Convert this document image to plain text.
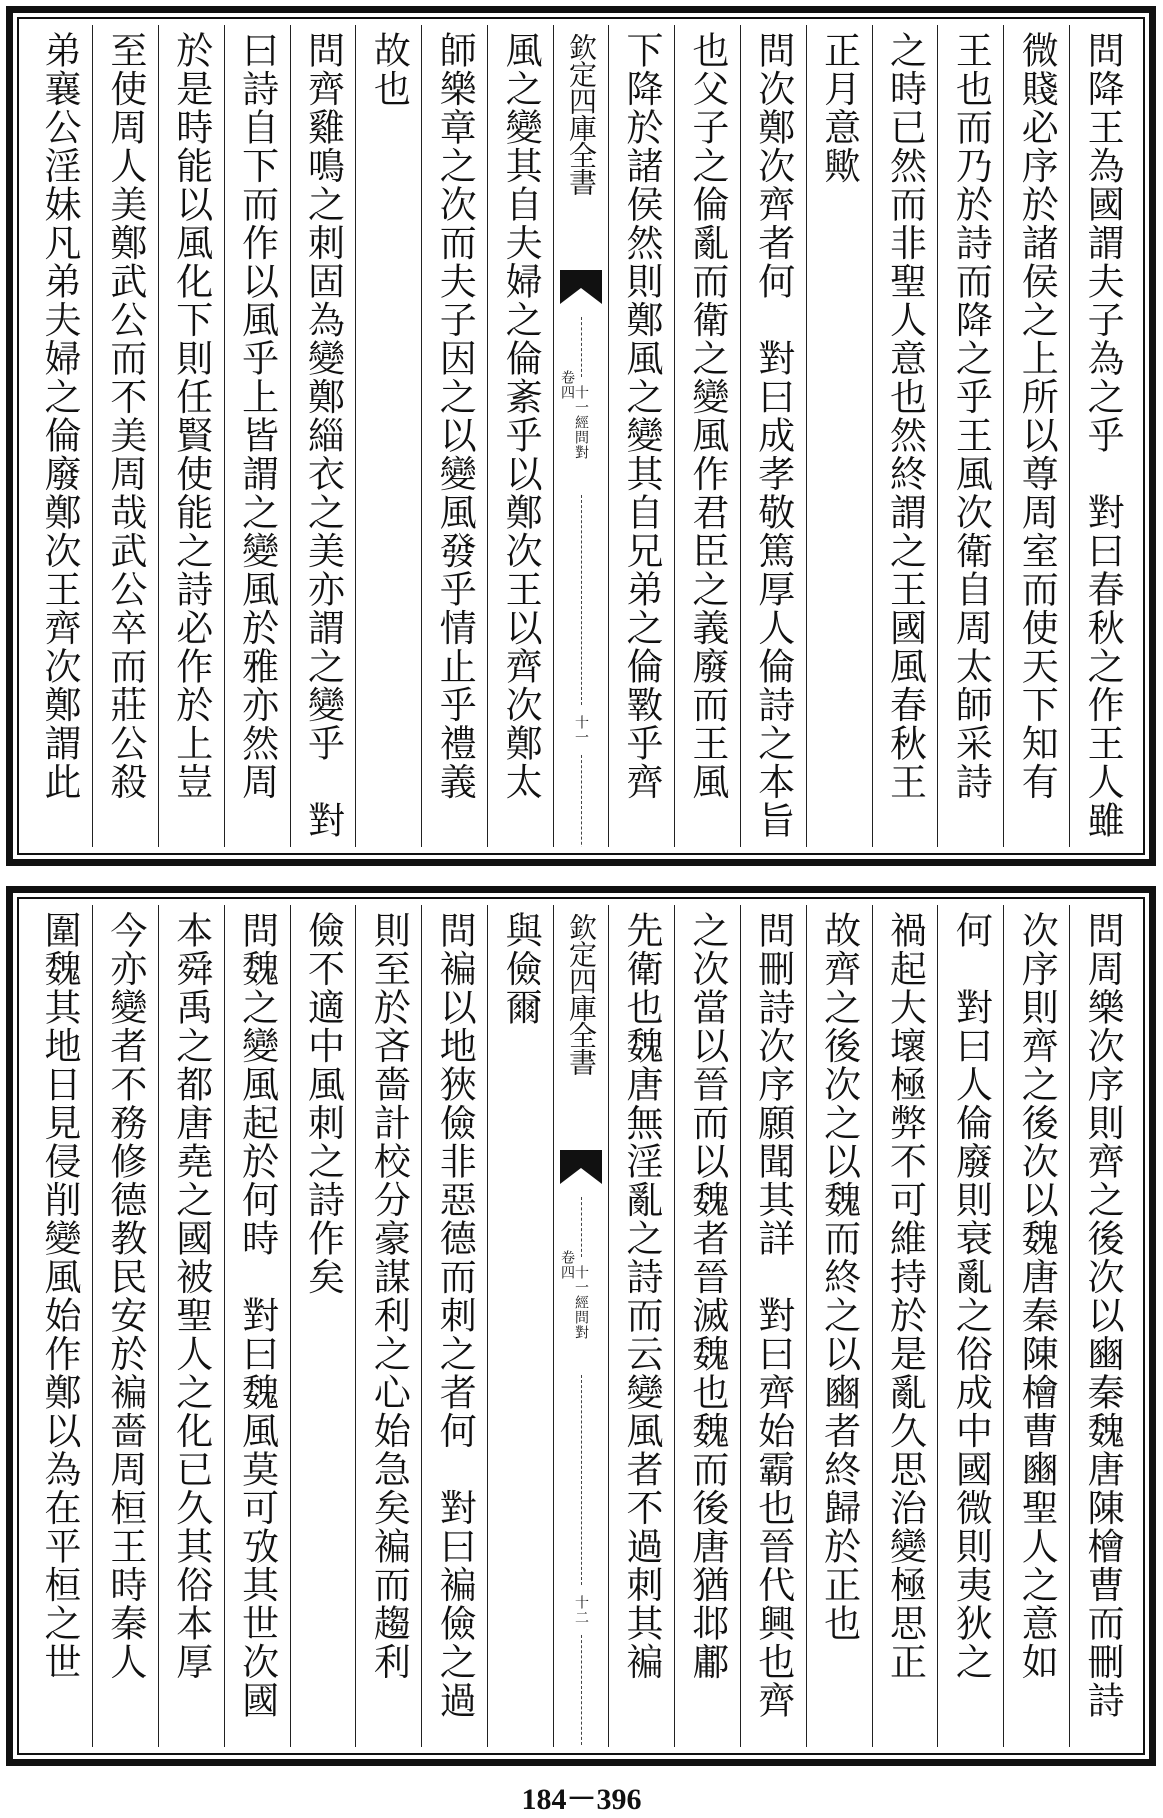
問降王為國謂夫子為之乎　對曰春秋之作王人雖
微賤必序於諸侯之上所以尊周室而使天下知有
王也而乃於詩而降之乎王風次衛自周太師采詩
之時已然而非聖人意也然終謂之王國風春秋王
正月意歟
問次鄭次齊者何　對曰成孝敬篤厚人倫詩之本旨
也父子之倫亂而衛之變風作君臣之義廢而王風
下降於諸侯然則鄭風之變其自兄弟之倫斁乎齊
欽定四庫全書
十一經問對
卷四
十一
風之變其自夫婦之倫紊乎以鄭次王以齊次鄭太
師樂章之次而夫子因之以變風發乎情止乎禮義
故也
問齊雞鳴之刺固為變鄭緇衣之美亦謂之變乎　對
曰詩自下而作以風乎上皆謂之變風於雅亦然周
於是時能以風化下則任賢使能之詩必作於上豈
至使周人美鄭武公而不美周哉武公卒而莊公殺
弟襄公淫妹凡弟夫婦之倫廢鄭次王齊次鄭謂此
問周樂次序則齊之後次以豳秦魏唐陳檜曹而刪詩
次序則齊之後次以魏唐秦陳檜曹豳聖人之意如
何　對曰人倫廢則衰亂之俗成中國微則夷狄之
禍起大壞極弊不可維持於是亂久思治變極思正
故齊之後次之以魏而終之以豳者終歸於正也
問刪詩次序願聞其詳　對曰齊始霸也晉代興也齊
之次當以晉而以魏者晉滅魏也魏而後唐猶邶鄘
先衛也魏唐無淫亂之詩而云變風者不過刺其褊
欽定四庫全書
十一經問對
卷四
十二
與儉爾
問褊以地狹儉非惡德而刺之者何　對曰褊儉之過
則至於吝嗇計校分豪謀利之心始急矣褊而趨利
儉不適中風刺之詩作矣
問魏之變風起於何時　對曰魏風莫可攷其世次國
本舜禹之都唐堯之國被聖人之化已久其俗本厚
今亦變者不務修德教民安於褊嗇周桓王時秦人
圍魏其地日見侵削變風始作鄭以為在平桓之世
184－396
